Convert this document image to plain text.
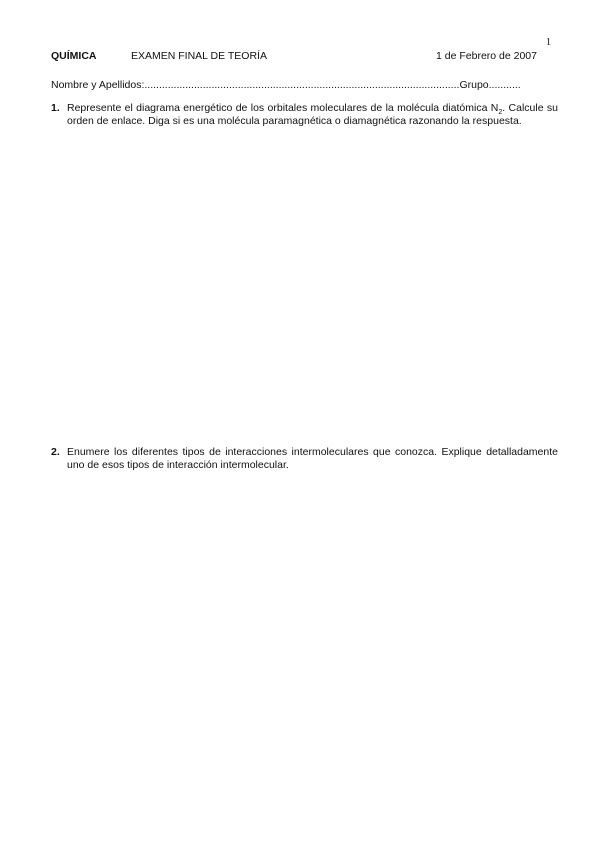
1
QUÍMICA	EXAMEN FINAL DE TEORÍA	1 de Febrero de 2007
Nombre y Apellidos:............................................................................................................Grupo...........
1. Represente el diagrama energético de los orbitales moleculares de la molécula diatómica $N_2$. Calcule su orden de enlace. Diga si es una molécula paramagnética o diamagnética razonando la respuesta.
2. Enumere los diferentes tipos de interacciones intermoleculares que conozca. Explique detalladamente uno de esos tipos de interacción intermolecular.
